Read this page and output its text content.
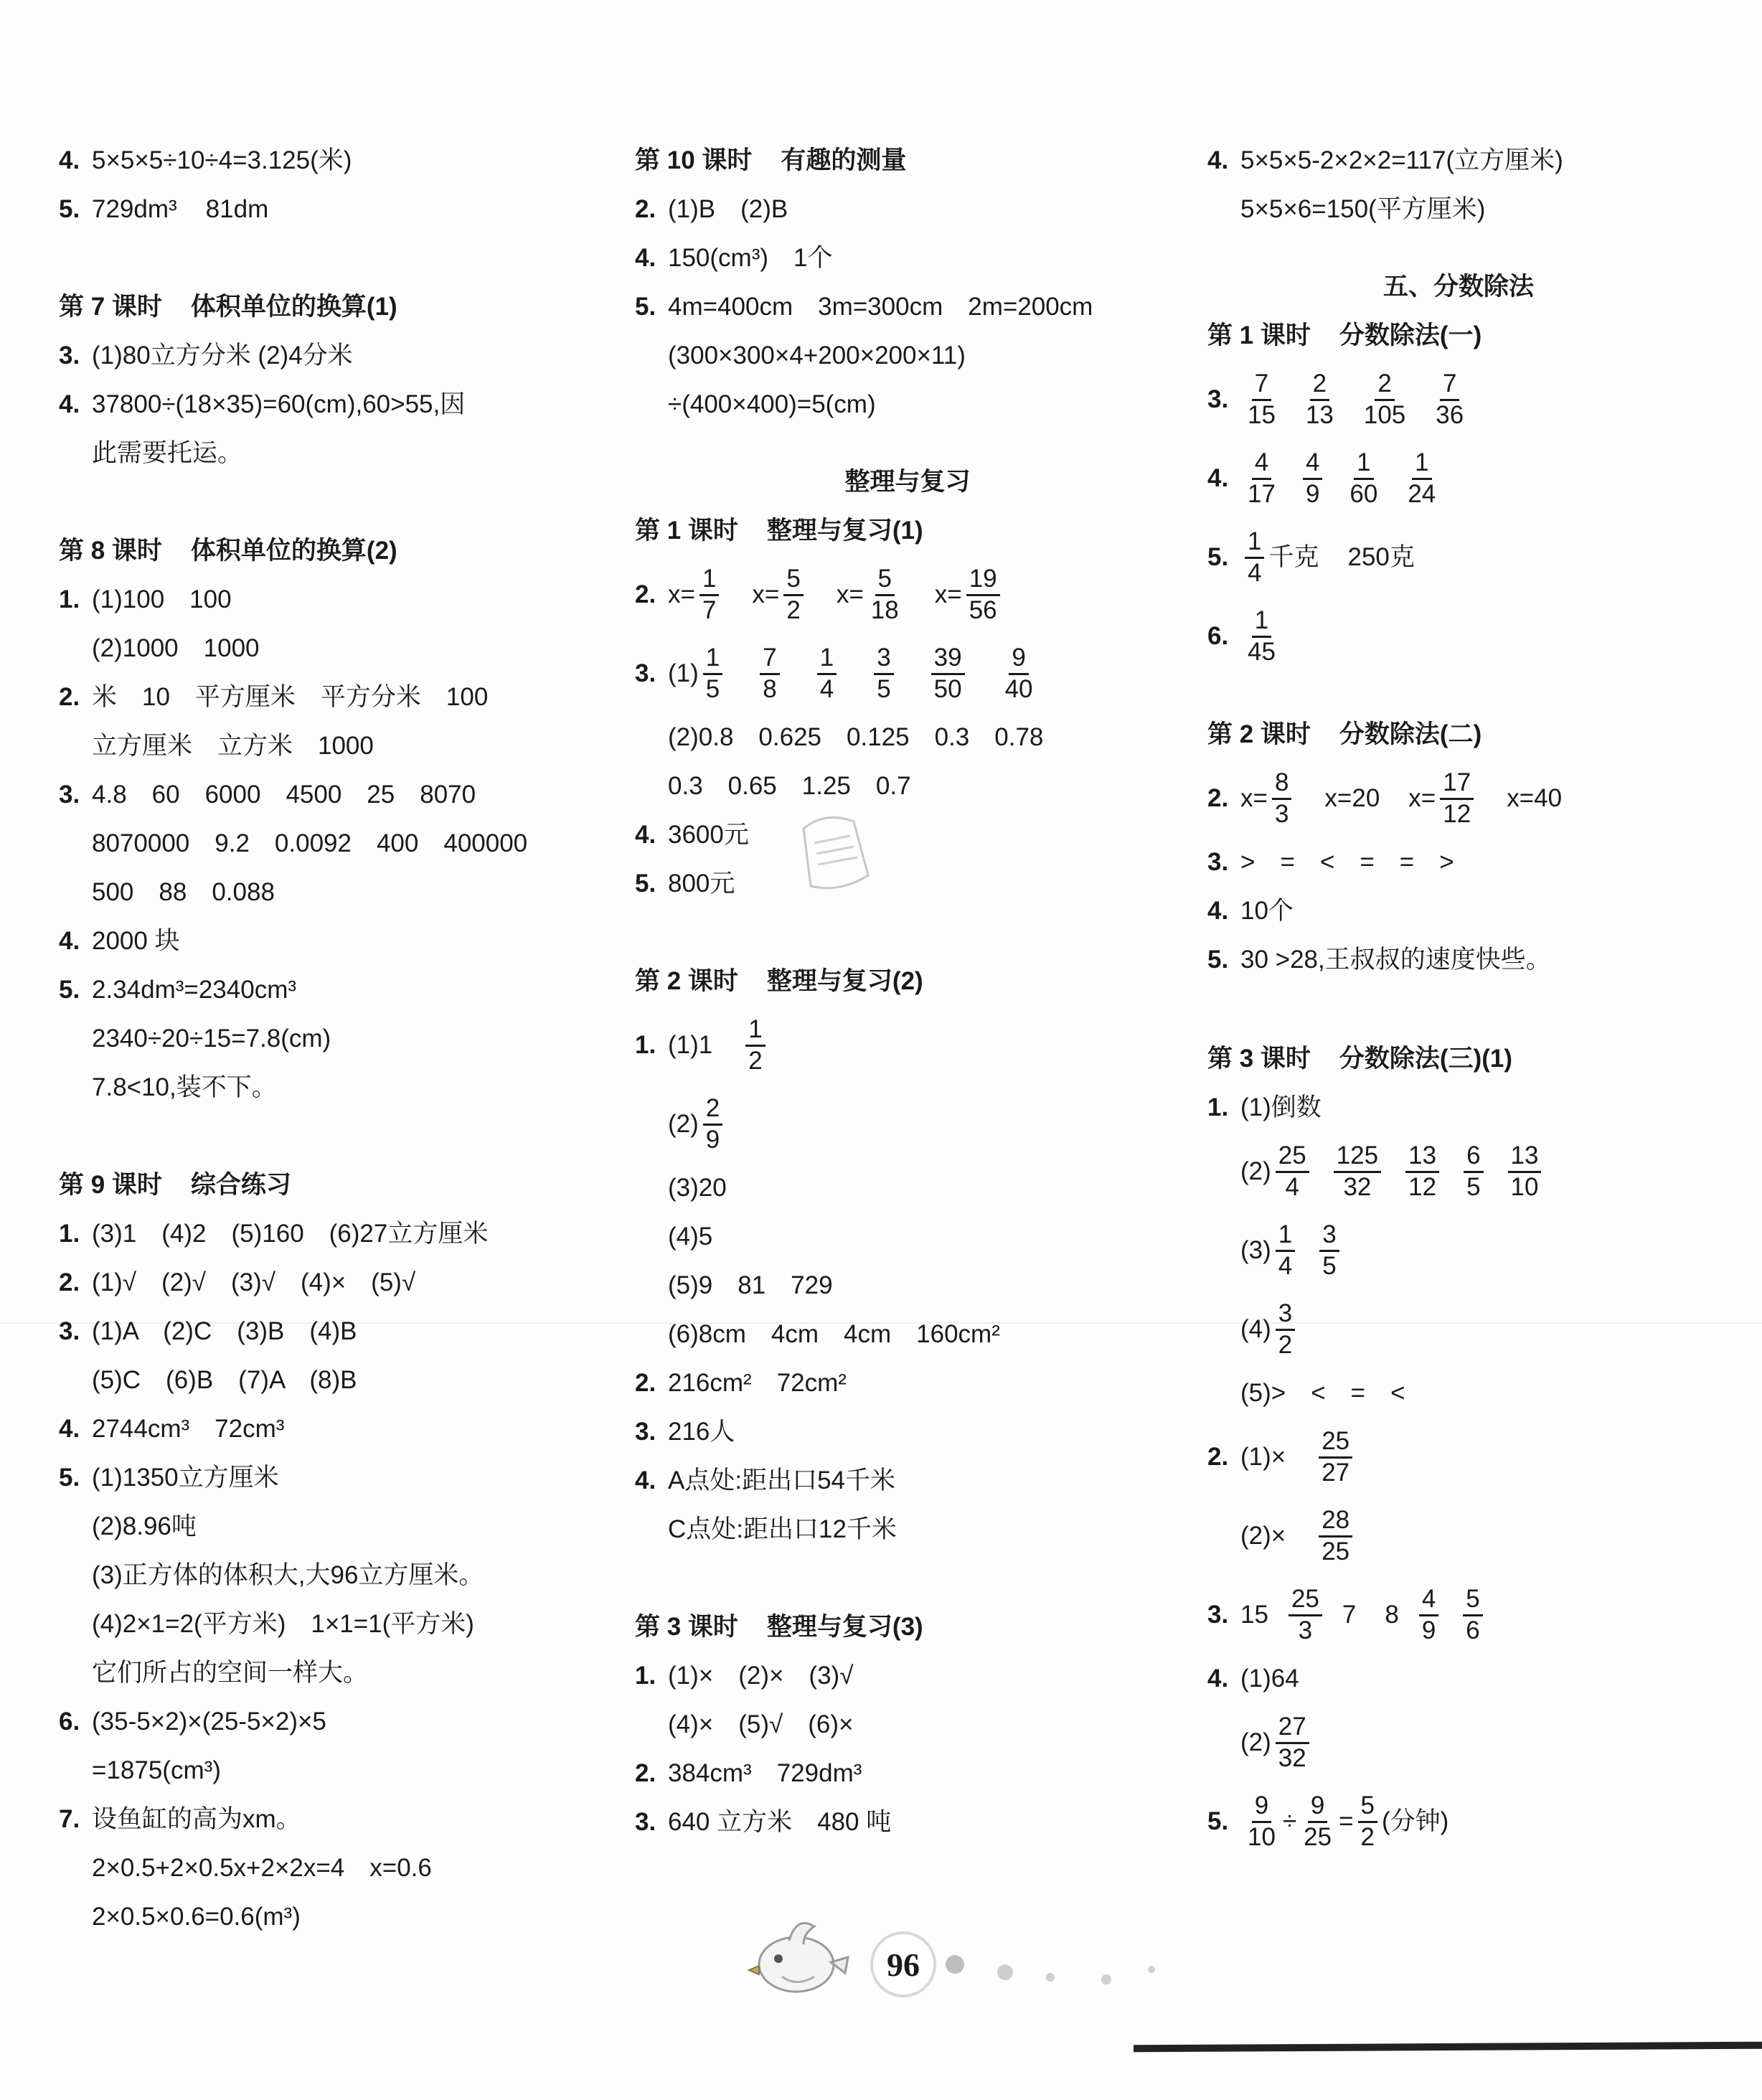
4. 5×5×5÷10÷4=3.125(米)
5. 729dm³ 81dm
第 7 课时 体积单位的换算(1)
3. (1)80立方分米 (2)4分米
4. 37800÷(18×35)=60(cm),60>55,因
此需要托运。
第 8 课时 体积单位的换算(2)
1. (1)100　100
(2)1000　1000
2. 米　10　平方厘米　平方分米　100
立方厘米　立方米　1000
3. 4.8　60　6000　4500　25　8070
8070000　9.2　0.0092　400　400000
500　88　0.088
4. 2000 块
5. 2.34dm³=2340cm³
2340÷20÷15=7.8(cm)
7.8<10,装不下。
第 9 课时 综合练习
1. (3)1　(4)2　(5)160　(6)27立方厘米
2. (1)√　(2)√　(3)√　(4)×　(5)√
3. (1)A　(2)C　(3)B　(4)B
(5)C　(6)B　(7)A　(8)B
4. 2744cm³　72cm³
5. (1)1350立方厘米
(2)8.96吨
(3)正方体的体积大,大96立方厘米。
(4)2×1=2(平方米)　1×1=1(平方米)
它们所占的空间一样大。
6. (35-5×2)×(25-5×2)×5
=1875(cm³)
7. 设鱼缸的高为xm。
2×0.5+2×0.5x+2×2x=4　x=0.6
2×0.5×0.6=0.6(m³)
第 10 课时 有趣的测量
2. (1)B　(2)B
4. 150(cm³)　1个
5. 4m=400cm　3m=300cm　2m=200cm
(300×300×4+200×200×11)
÷(400×400)=5(cm)
整理与复习
第 1 课时 整理与复习(1)
2. $x= \frac{1}{7} x= \frac{5}{2} x= \frac{5}{18} x= \frac{19}{56}$
3. $(1) \frac{1}{5} \frac{7}{8} \frac{1}{4} \frac{3}{5} \frac{39}{50} \frac{9}{40}$
(2)0.8　0.625　0.125　0.3　0.78
0.3　0.65　1.25　0.7
4. 3600元
5. 800元
第 2 课时 整理与复习(2)
1. $(1)1 \frac{1}{2}$
$(2) \frac{2}{9}$
(3)20
(4)5
(5)9　81　729
(6)8cm　4cm　4cm　160cm²
2. 216cm²　72cm²
3. 216人
4. A点处:距出口54千米
C点处:距出口12千米
第 3 课时 整理与复习(3)
1. (1)×　(2)×　(3)√
(4)×　(5)√　(6)×
2. 384cm³　729dm³
3. 640 立方米　480 吨
4. 5×5×5-2×2×2=117(立方厘米)
5×5×6=150(平方厘米)
五、分数除法
第 1 课时 分数除法(一)
3. $\frac{7}{15} \frac{2}{13} \frac{2}{105} \frac{7}{36}$
4. $\frac{4}{17} \frac{4}{9} \frac{1}{60} \frac{1}{24}$
5. $\frac{1}{4}$ 千克 250克
6. $\frac{1}{45}$
第 2 课时 分数除法(二)
2. $x= \frac{8}{3} x=20$ $x= \frac{17}{12} x=40$
3. >　=　<　=　=　>
4. 10个
5. 30 >28,王叔叔的速度快些。
第 3 课时 分数除法(三)(1)
1. (1)倒数
$(2) \frac{25}{4} \frac{125}{32} \frac{13}{12} \frac{6}{5} \frac{13}{10}$
$(3) \frac{1}{4} \frac{3}{5}$
$(4) \frac{3}{2}$
(5)>　<　=　<
2. $(1)\times \frac{25}{27}$
$(2)\times \frac{28}{25}$
3. $15 \frac{25}{3} 7$ $8 \frac{4}{9} \frac{5}{6}$
4. (1)64
$(2) \frac{27}{32}$
5. $\frac{9}{10} \div \frac{9}{25} = \frac{5}{2}$ (分钟)
96
